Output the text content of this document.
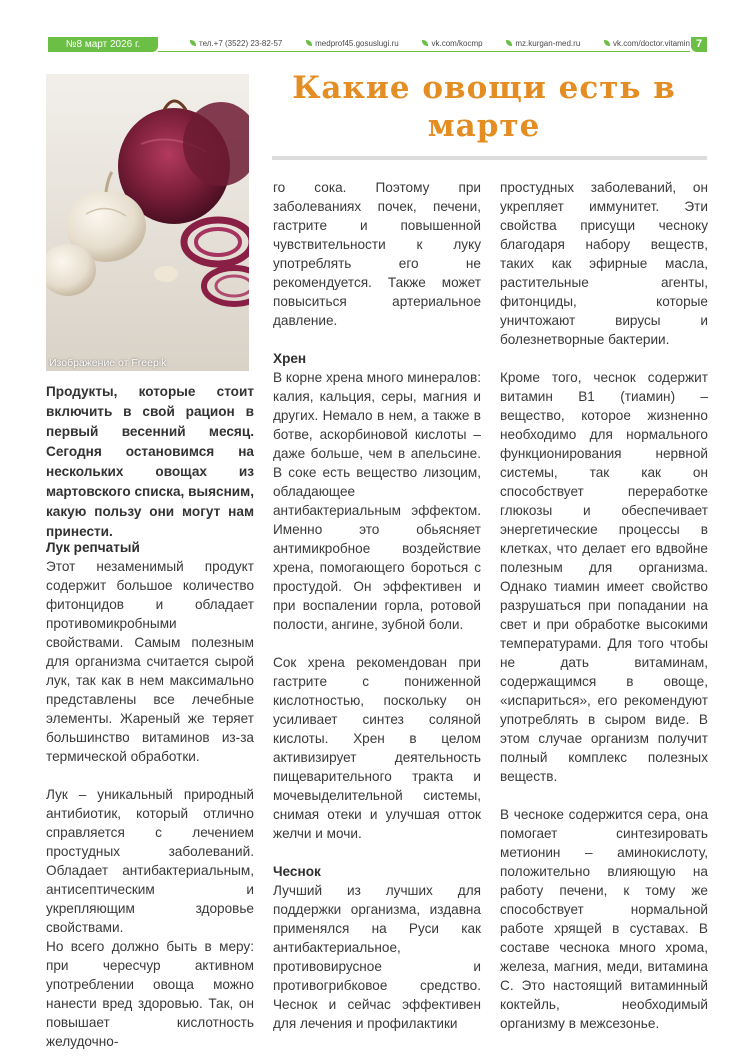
№8 март 2026 г.	тел.+7 (3522) 23-82-57	medprof45.gosuslugi.ru	vk.com/kocmp	mz.kurgan-med.ru	vk.com/doctor.vitamin 7
Какие овощи есть в марте
Изображение от Freepik
Продукты, которые стоит включить в свой рацион в первый весенний месяц. Сегодня остановимся на нескольких овощах из мартовского списка, выясним, какую пользу они могут нам принести.

Лук репчатый

Этот незаменимый продукт содержит большое количество фитонцидов и обладает противомикробными свойствами. Самым полезным для организма считается сырой лук, так как в нем максимально представлены все лечебные элементы. Жареный же теряет большинство витаминов из-за термической обработки.

Лук – уникальный природный антибиотик, который отлично справляется с лечением простудных заболеваний. Обладает антибактериальным, антисептическим и укрепляющим здоровье свойствами.

Но всего должно быть в меру: при чересчур активном употреблении овоща можно нанести вред здоровью. Так, он повышает кислотность желудочно-

го сока. Поэтому при заболеваниях почек, печени, гастрите и повышенной чувствительности к луку употреблять его не рекомендуется. Также может повыситься артериальное давление.

Хрен

В корне хрена много минералов: калия, кальция, серы, магния и других. Немало в нем, а также в ботве, аскорбиновой кислоты – даже больше, чем в апельсине. В соке есть вещество лизоцим, обладающее антибактериальным эффектом. Именно это обьясняет антимикробное воздействие хрена, помогающего бороться с простудой. Он эффективен и при воспалении горла, ротовой полости, ангине, зубной боли.

Сок хрена рекомендован при гастрите с пониженной кислотностью, поскольку он усиливает синтез соляной кислоты. Хрен в целом активизирует деятельность пищеварительного тракта и мочевыделительной системы, снимая отеки и улучшая отток желчи и мочи.

Чеснок

Лучший из лучших для поддержки организма, издавна применялся на Руси как антибактериальное, противовирусное и противогрибковое средство. Чеснок и сейчас эффективен для лечения и профилактики

простудных заболеваний, он укрепляет иммунитет. Эти свойства присущи чесноку благодаря набору веществ, таких как эфирные масла, растительные агенты, фитонциды, которые уничтожают вирусы и болезнетворные бактерии.

Кроме того, чеснок содержит витамин B1 (тиамин) – вещество, которое жизненно необходимо для нормального функционирования нервной системы, так как он способствует переработке глюкозы и обеспечивает энергетические процессы в клетках, что делает его вдвойне полезным для организма. Однако тиамин имеет свойство разрушаться при попадании на свет и при обработке высокими температурами. Для того чтобы не дать витаминам, содержащимся в овоще, «испариться», его рекомендуют употреблять в сыром виде. В этом случае организм получит полный комплекс полезных веществ.

В чесноке содержится сера, она помогает синтезировать метионин – аминокислоту, положительно влияющую на работу печени, к тому же способствует нормальной работе хрящей в суставах. В составе чеснока много хрома, железа, магния, меди, витамина С. Это настоящий витаминный коктейль, необходимый организму в межсезонье.
